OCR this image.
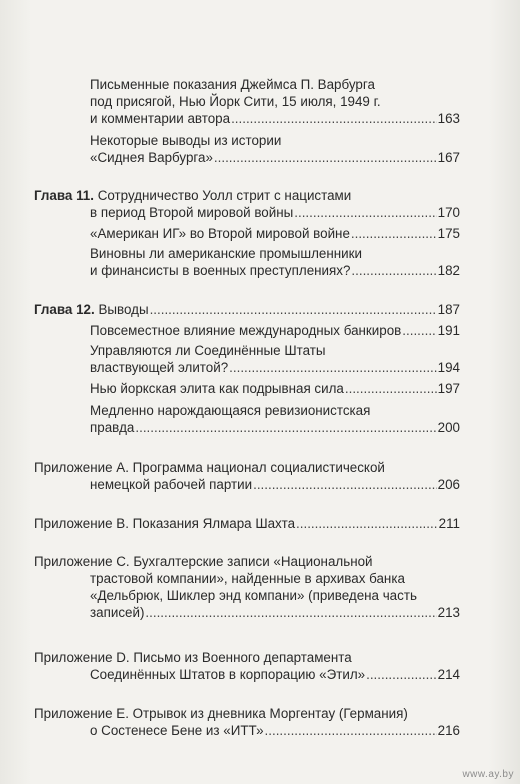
Письменные показания Джеймса П. Варбурга
под присягой, Нью Йорк Сити, 15 июля, 1949 г.
и комментарии автора .....	163
Некоторые выводы из истории
«Сиднея Варбурга» .....	167
Глава 11. Сотрудничество Уолл стрит с нацистами
в период Второй мировой войны .....	170
«Американ ИГ» во Второй мировой войне .....	175
Виновны ли американские промышленники
и финансисты в военных преступлениях? .....	182
Глава 12. Выводы .....	187
Повсеместное влияние международных банкиров .....	191
Управляются ли Соединённые Штаты
властвующей элитой? .....	194
Нью йоркская элита как подрывная сила .....	197
Медленно нарождающаяся ревизионистская
правда .....	200
Приложение A. Программа национал социалистической
немецкой рабочей партии .....	206
Приложение B. Показания Ялмара Шахта .....	211
Приложение C. Бухгалтерские записи «Национальной
трастовой компании», найденные в архивах банка
«Дельбрюк, Шиклер энд компани» (приведена часть
записей) .....	213
Приложение D. Письмо из Военного департамента
Соединённых Штатов в корпорацию «Этил» .....	214
Приложение E. Отрывок из дневника Моргентау (Германия)
о Состенесе Бене из «ИТТ» .....	216
www.ay.by
